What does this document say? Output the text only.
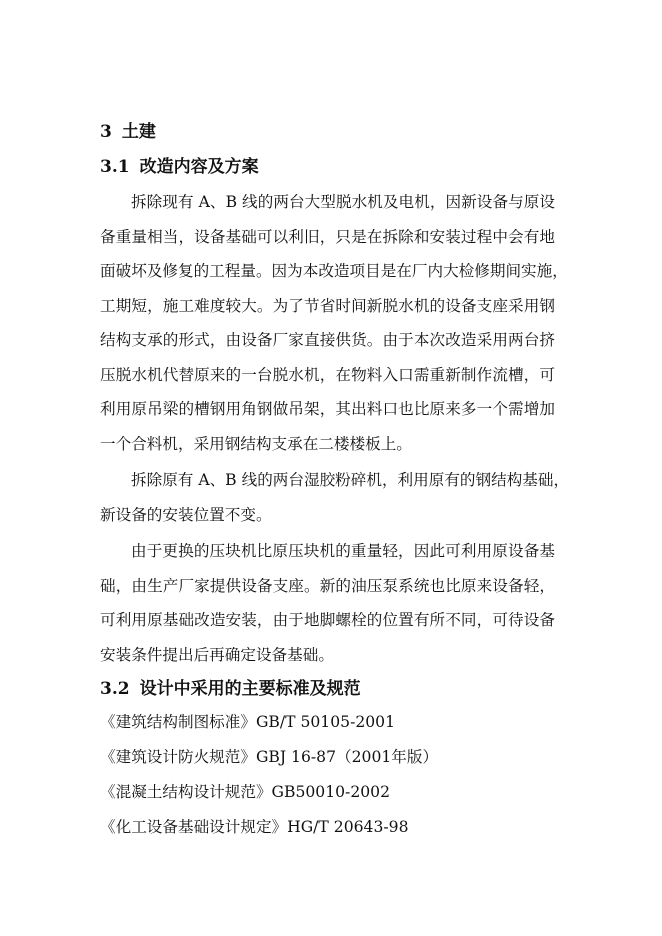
3 土建
3.1 改造内容及方案
拆除现有 A、B 线的两台大型脱水机及电机，因新设备与原设
备重量相当，设备基础可以利旧，只是在拆除和安装过程中会有地
面破坏及修复的工程量。因为本改造项目是在厂内大检修期间实施，
工期短，施工难度较大。为了节省时间新脱水机的设备支座采用钢
结构支承的形式，由设备厂家直接供货。由于本次改造采用两台挤
压脱水机代替原来的一台脱水机，在物料入口需重新制作流槽，可
利用原吊梁的槽钢用角钢做吊架，其出料口也比原来多一个需增加
一个合料机，采用钢结构支承在二楼楼板上。
拆除原有 A、B 线的两台湿胶粉碎机，利用原有的钢结构基础，
新设备的安装位置不变。
由于更换的压块机比原压块机的重量轻，因此可利用原设备基
础，由生产厂家提供设备支座。新的油压泵系统也比原来设备轻，
可利用原基础改造安装，由于地脚螺栓的位置有所不同，可待设备
安装条件提出后再确定设备基础。
3.2 设计中采用的主要标准及规范
《建筑结构制图标准》GB/T 50105-2001
《建筑设计防火规范》GBJ 16-87（2001年版）
《混凝土结构设计规范》GB50010-2002
《化工设备基础设计规定》HG/T 20643-98
